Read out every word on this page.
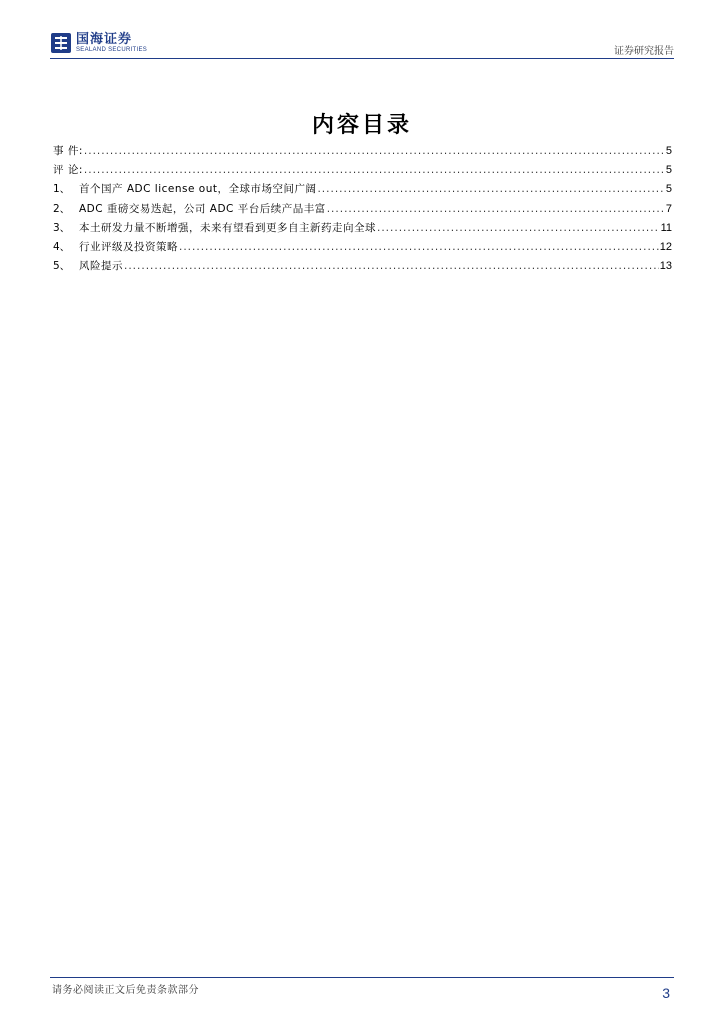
国海证券
SEALAND SECURITIES	证券研究报告
内容目录
事 件: .....	5
评 论: .....	5
1、 首个国产 ADC license out，全球市场空间广阔 .....	5
2、 ADC 重磅交易迭起，公司 ADC 平台后续产品丰富 .....	7
3、 本土研发力量不断增强，未来有望看到更多自主新药走向全球 .....	11
4、 行业评级及投资策略 .....	12
5、 风险提示 .....	13
请务必阅读正文后免责条款部分	3
